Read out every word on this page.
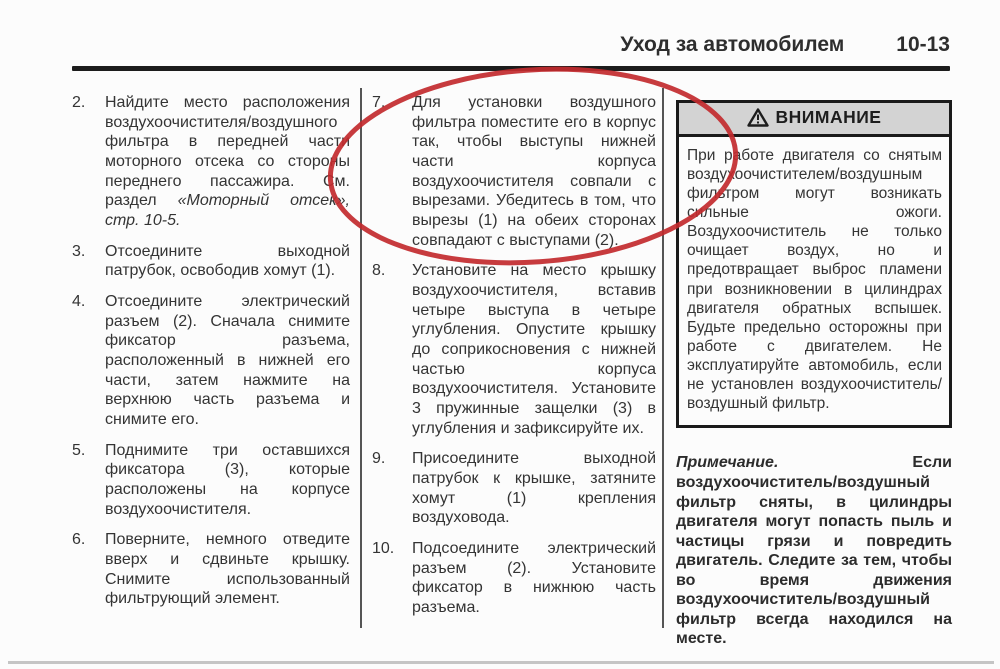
Уход за автомобилем 10-13
2.	Найдите место расположения воздухоочистителя/воздушного фильтра в передней части моторного отсека со стороны переднего пассажира. См. раздел «Моторный отсек», стр. 10-5.
3.	Отсоедините выходной патрубок, освободив хомут (1).
4.	Отсоедините электрический разъем (2). Сначала снимите фиксатор разъема, расположенный в нижней его части, затем нажмите на верхнюю часть разъема и снимите его.
5.	Поднимите три оставшихся фиксатора (3), которые расположены на корпусе воздухоочистителя.
6.	Поверните, немного отведите вверх и сдвиньте крышку. Снимите использованный фильтрующий элемент.
7.	Для установки воздушного фильтра поместите его в корпус так, чтобы выступы нижней части корпуса воздухоочистителя совпали с вырезами. Убедитесь в том, что вырезы (1) на обеих сторонах совпадают с выступами (2).
8.	Установите на место крышку воздухоочистителя, вставив четыре выступа в четыре углубления. Опустите крышку до соприкосновения с нижней частью корпуса воздухоочистителя. Установите 3 пружинные защелки (3) в углубления и зафиксируйте их.
9.	Присоедините выходной патрубок к крышке, затяните хомут (1) крепления воздуховода.
10.	Подсоедините электрический разъем (2). Установите фиксатор в нижнюю часть разъема.
ВНИМАНИЕ
При работе двигателя со снятым воздухоочистителем/воздушным фильтром могут возникать сильные ожоги. Воздухоочиститель не только очищает воздух, но и предотвращает выброс пламени при возникновении в цилиндрах двигателя обратных вспышек. Будьте предельно осторожны при работе с двигателем. Не эксплуатируйте автомобиль, если не установлен воздухоочиститель/воздушный фильтр.

Примечание. Если воздухоочиститель/воздушный фильтр сняты, в цилиндры двигателя могут попасть пыль и частицы грязи и повредить двигатель. Следите за тем, чтобы во время движения воздухоочиститель/воздушный фильтр всегда находился на месте.
